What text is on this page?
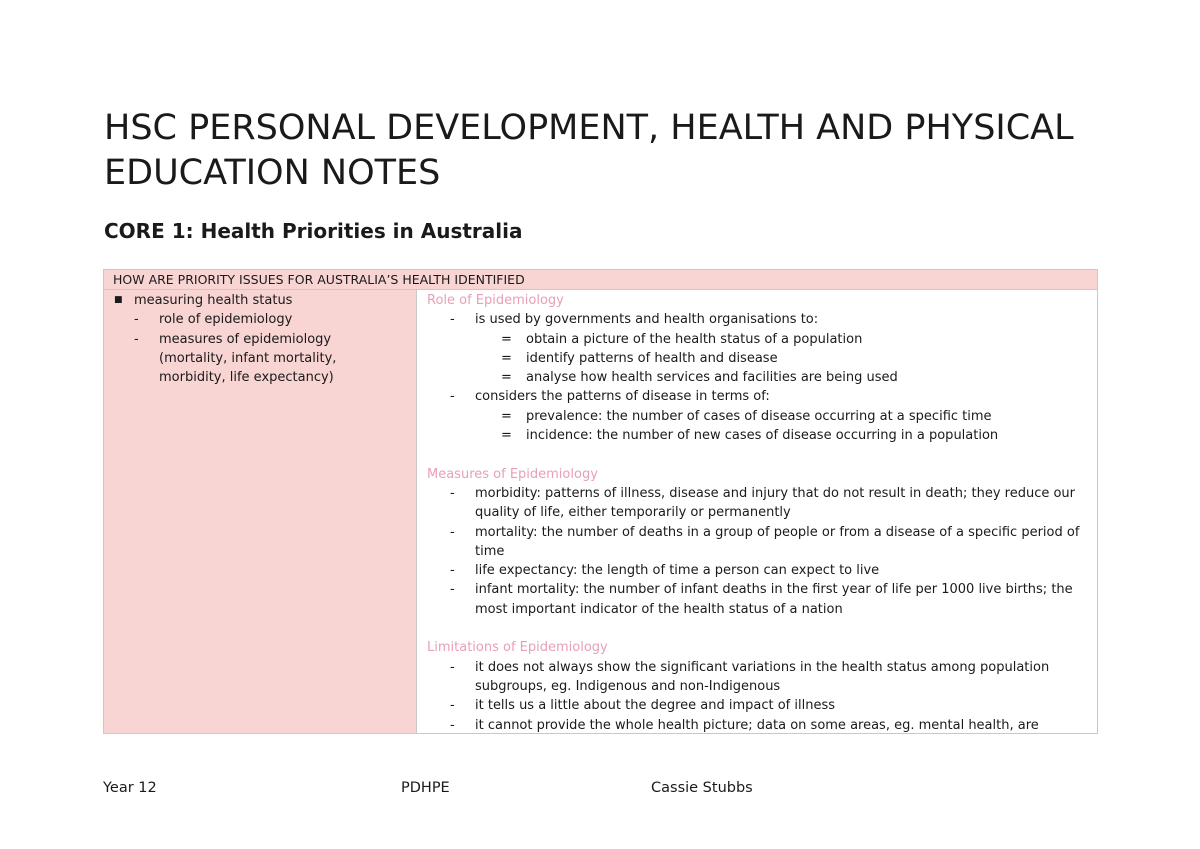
HSC PERSONAL DEVELOPMENT, HEALTH AND PHYSICAL EDUCATION NOTES
CORE 1: Health Priorities in Australia
HOW ARE PRIORITY ISSUES FOR AUSTRALIA’S HEALTH IDENTIFIED
■ measuring health status
- role of epidemiology
- measures of epidemiology (mortality, infant mortality, morbidity, life expectancy)
Role of Epidemiology
- is used by governments and health organisations to:
= obtain a picture of the health status of a population
= identify patterns of health and disease
= analyse how health services and facilities are being used
- considers the patterns of disease in terms of:
= prevalence: the number of cases of disease occurring at a specific time
= incidence: the number of new cases of disease occurring in a population
Measures of Epidemiology
- morbidity: patterns of illness, disease and injury that do not result in death; they reduce our quality of life, either temporarily or permanently
- mortality: the number of deaths in a group of people or from a disease of a specific period of time
- life expectancy: the length of time a person can expect to live
- infant mortality: the number of infant deaths in the first year of life per 1000 live births; the most important indicator of the health status of a nation
Limitations of Epidemiology
- it does not always show the significant variations in the health status among population subgroups, eg. Indigenous and non-Indigenous
- it tells us a little about the degree and impact of illness
- it cannot provide the whole health picture; data on some areas, eg. mental health, are
Year 12	PDHPE	Cassie Stubbs
